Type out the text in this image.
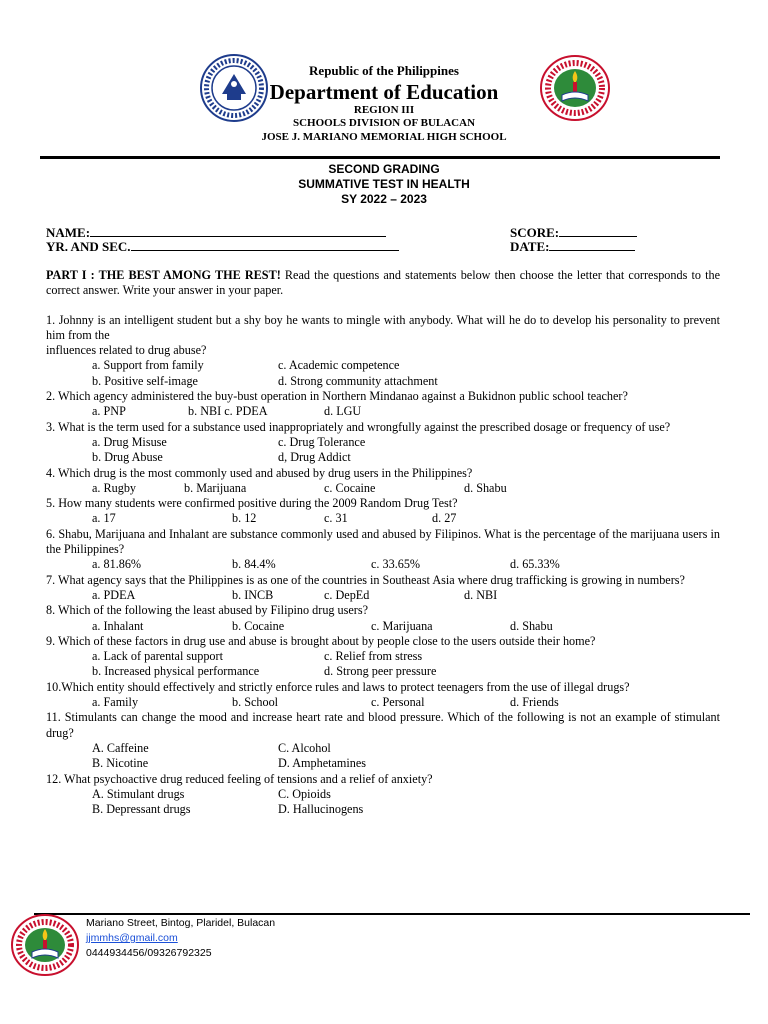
Republic of the Philippines
Department of Education
REGION III
SCHOOLS DIVISION OF BULACAN
JOSE J. MARIANO MEMORIAL HIGH SCHOOL
SECOND GRADING
SUMMATIVE TEST IN HEALTH
SY 2022 – 2023
NAME:	SCORE:
YR. AND SEC.	DATE:

PART I : THE BEST AMONG THE REST! Read the questions and statements below then choose the letter that corresponds to the correct answer. Write your answer in your paper.

1. Johnny is an intelligent student but a shy boy he wants to mingle with anybody. What will he do to develop his personality to prevent him from the

influences related to drug abuse?

a. Support from family	c. Academic competence
b. Positive self-image	d. Strong community attachment

2. Which agency administered the buy-bust operation in Northern Mindanao against a Bukidnon public school teacher?

a. PNP	b. NBI c. PDEA	d. LGU

3. What is the term used for a substance used inappropriately and wrongfully against the prescribed dosage or frequency of use?

a. Drug Misuse	c. Drug Tolerance
b. Drug Abuse	d, Drug Addict

4. Which drug is the most commonly used and abused by drug users in the Philippines?

a. Rugby	b. Marijuana	c. Cocaine	d. Shabu

5. How many students were confirmed positive during the 2009 Random Drug Test?

a. 17	b. 12	c. 31	d. 27

6. Shabu, Marijuana and Inhalant are substance commonly used and abused by Filipinos. What is the percentage of the marijuana users in the Philippines?

a. 81.86%	b. 84.4%	c. 33.65%	d. 65.33%

7. What agency says that the Philippines is as one of the countries in Southeast Asia where drug trafficking is growing in numbers?

a. PDEA	b. INCB	c. DepEd	d. NBI

8. Which of the following the least abused by Filipino drug users?

a. Inhalant	b. Cocaine	c. Marijuana	d. Shabu

9. Which of these factors in drug use and abuse is brought about by people close to the users outside their home?

a. Lack of parental support	c. Relief from stress
b. Increased physical performance	d. Strong peer pressure

10.Which entity should effectively and strictly enforce rules and laws to protect teenagers from the use of illegal drugs?

a. Family	b. School	c. Personal	d. Friends

11. Stimulants can change the mood and increase heart rate and blood pressure. Which of the following is not an example of stimulant drug?

A. Caffeine	C. Alcohol
B. Nicotine	D. Amphetamines

12. What psychoactive drug reduced feeling of tensions and a relief of anxiety?

A. Stimulant drugs	C. Opioids
B. Depressant drugs	D. Hallucinogens
Mariano Street, Bintog, Plaridel, Bulacan
jjmmhs@gmail.com
0444934456/09326792325
